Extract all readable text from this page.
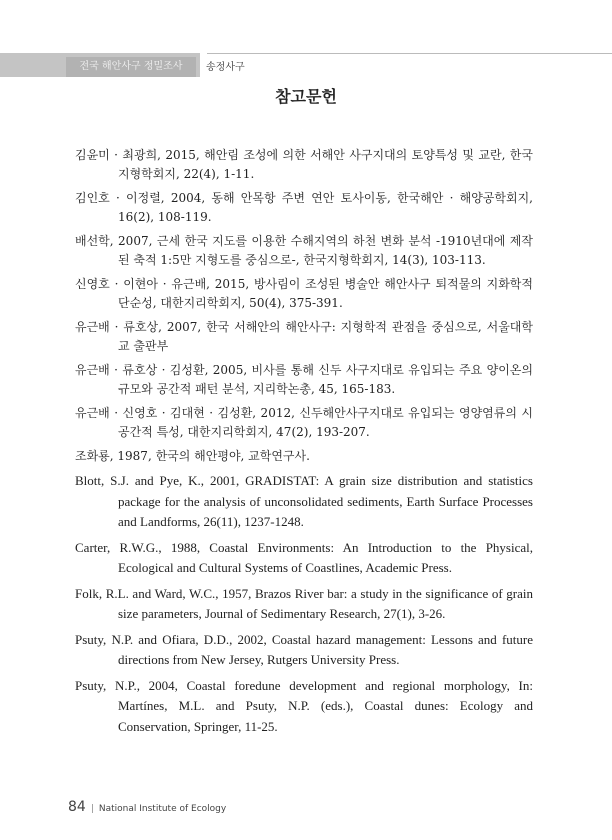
전국 해안사구 정밀조사	송정사구
참고문헌

김윤미 · 최광희, 2015, 해안림 조성에 의한 서해안 사구지대의 토양특성 및 교란, 한국지형학회지, 22(4), 1-11.

김인호 · 이정렬, 2004, 동해 안목항 주변 연안 토사이동, 한국해안 · 해양공학회지, 16(2), 108-119.

배선학, 2007, 근세 한국 지도를 이용한 수해지역의 하천 변화 분석 -1910년대에 제작된 축적 1:5만 지형도를 중심으로-, 한국지형학회지, 14(3), 103-113.

신영호 · 이현아 · 유근배, 2015, 방사림이 조성된 병술안 해안사구 퇴적물의 지화학적 단순성, 대한지리학회지, 50(4), 375-391.

유근배 · 류호상, 2007, 한국 서해안의 해안사구: 지형학적 관점을 중심으로, 서울대학교 출판부

유근배 · 류호상 · 김성환, 2005, 비사를 통해 신두 사구지대로 유입되는 주요 양이온의 규모와 공간적 패턴 분석, 지리학논총, 45, 165-183.

유근배 · 신영호 · 김대현 · 김성환, 2012, 신두해안사구지대로 유입되는 영양염류의 시공간적 특성, 대한지리학회지, 47(2), 193-207.

조화룡, 1987, 한국의 해안평야, 교학연구사.

Blott, S.J. and Pye, K., 2001, GRADISTAT: A grain size distribution and statistics package for the analysis of unconsolidated sediments, Earth Surface Processes and Landforms, 26(11), 1237-1248.

Carter, R.W.G., 1988, Coastal Environments: An Introduction to the Physical, Ecological and Cultural Systems of Coastlines, Academic Press.

Folk, R.L. and Ward, W.C., 1957, Brazos River bar: a study in the significance of grain size parameters, Journal of Sedimentary Research, 27(1), 3-26.

Psuty, N.P. and Ofiara, D.D., 2002, Coastal hazard management: Lessons and future directions from New Jersey, Rutgers University Press.

Psuty, N.P., 2004, Coastal foredune development and regional morphology, In: Martínes, M.L. and Psuty, N.P. (eds.), Coastal dunes: Ecology and Conservation, Springer, 11-25.

84 | National Institute of Ecology
